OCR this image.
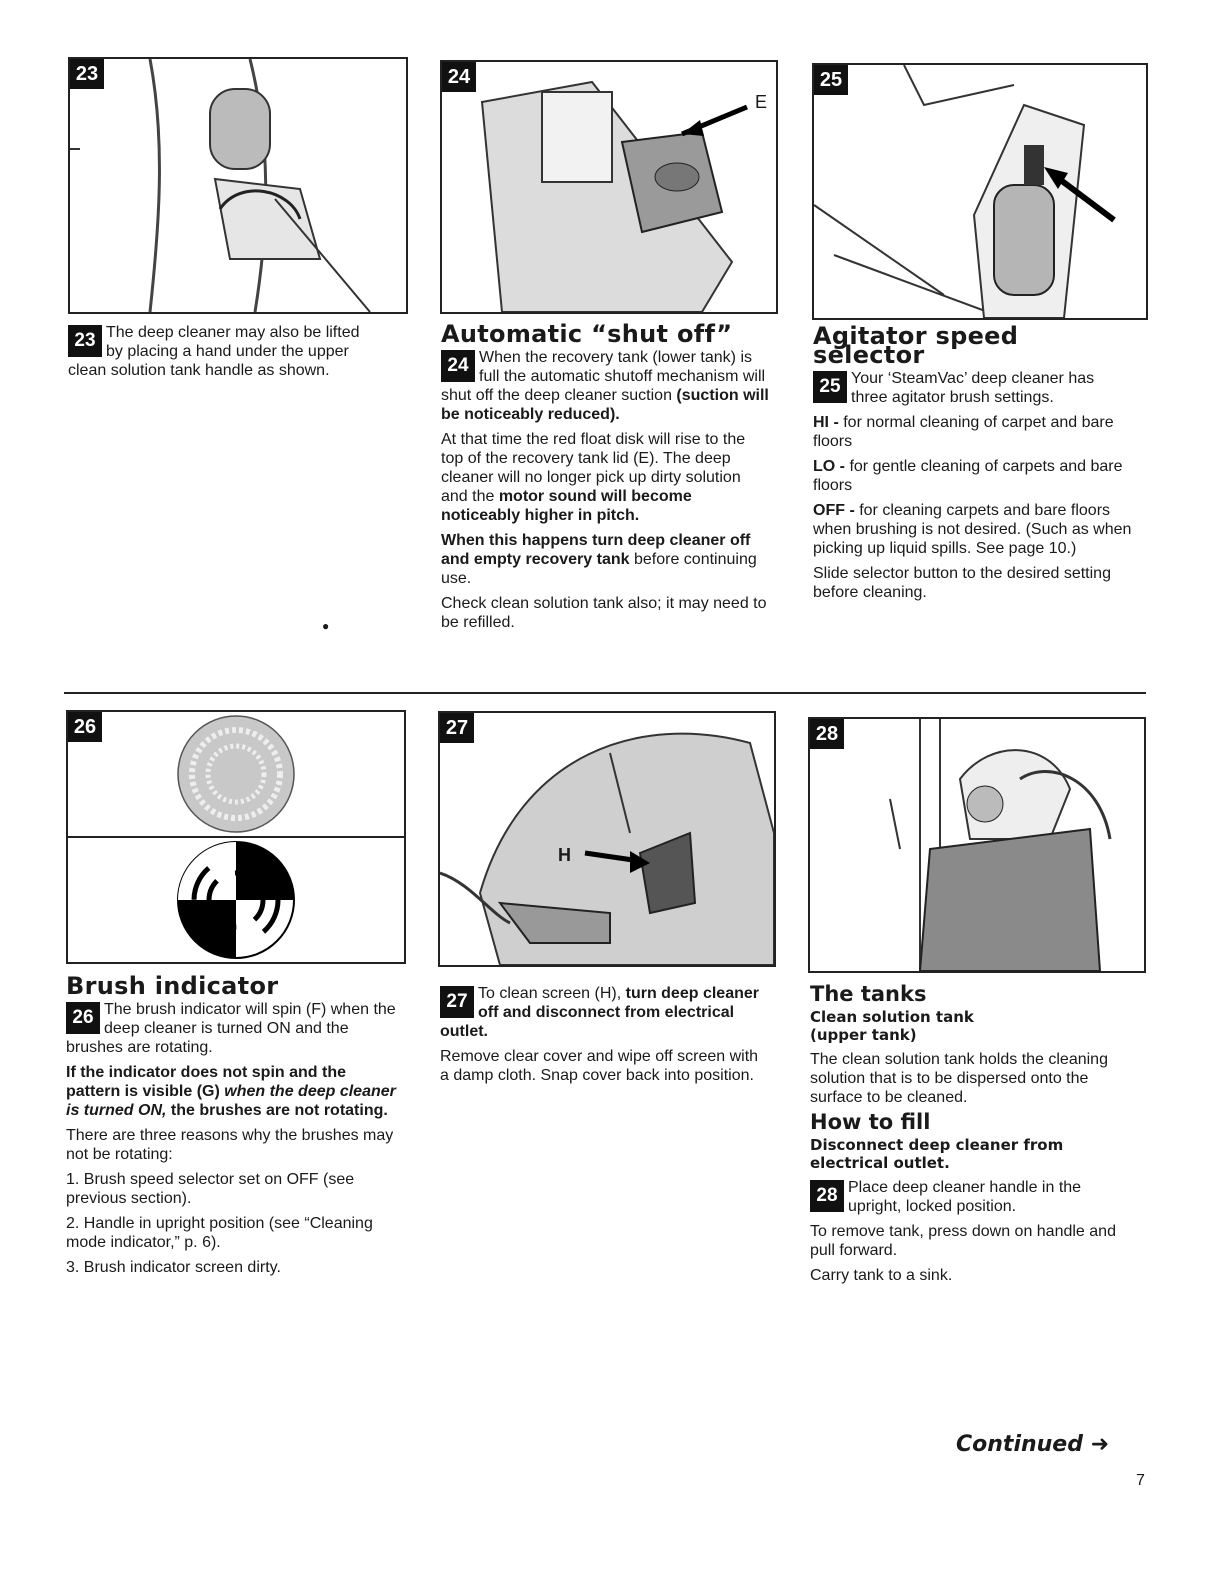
23	24
E
25
23 The deep cleaner may also be lifted by placing a hand under the upper clean solution tank handle as shown.
Automatic “shut off”

24 When the recovery tank (lower tank) is full the automatic shutoff mechanism will shut off the deep cleaner suction (suction will be noticeably reduced).

At that time the red float disk will rise to the top of the recovery tank lid (E). The deep cleaner will no longer pick up dirty solution and the motor sound will become noticeably higher in pitch.

When this happens turn deep cleaner off and empty recovery tank before continuing use.

Check clean solution tank also; it may need to be refilled.

Agitator speed selector

25 Your ‘SteamVac’ deep cleaner has three agitator brush settings.

HI - for normal cleaning of carpet and bare floors

LO - for gentle cleaning of carpets and bare floors

OFF - for cleaning carpets and bare floors when brushing is not desired. (Such as when picking up liquid spills. See page 10.)

Slide selector button to the desired setting before cleaning.

●
26	27
H
28
Brush indicator

26 The brush indicator will spin (F) when the deep cleaner is turned ON and the brushes are rotating.

If the indicator does not spin and the pattern is visible (G) when the deep cleaner is turned ON, the brushes are not rotating.

There are three reasons why the brushes may not be rotating:

1. Brush speed selector set on OFF (see previous section).

2. Handle in upright position (see “Cleaning mode indicator,” p. 6).

3. Brush indicator screen dirty.

27 To clean screen (H), turn deep cleaner off and disconnect from electrical outlet.

Remove clear cover and wipe off screen with a damp cloth. Snap cover back into position.

The tanks
Clean solution tank (upper tank)

The clean solution tank holds the cleaning solution that is to be dispersed onto the surface to be cleaned.

How to fill
Disconnect deep cleaner from electrical outlet.

28 Place deep cleaner handle in the upright, locked position.

To remove tank, press down on handle and pull forward.

Carry tank to a sink.

Continued ➜
7
